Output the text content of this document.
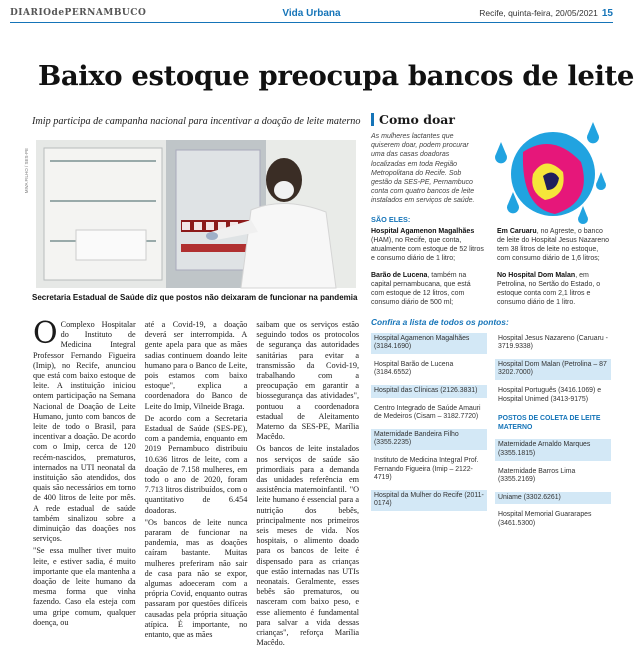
DIARIOdePERNAMBUCO	Vida Urbana	Recife, quinta-feira, 20/05/2021 15
Baixo estoque preocupa bancos de leite
Imip participa de campanha nacional para incentivar a doação de leite materno
MIVA FILHO / SES-PE
Secretaria Estadual de Saúde diz que postos não deixaram de funcionar na pandemia

O Complexo Hospitalar do Instituto de Medicina Integral Professor Fernando Figueira (Imip), no Recife, anunciou que está com baixo estoque de leite. A instituição iniciou ontem participação na Semana Nacional de Doação de Leite Humano, junto com bancos de leite de todo o Brasil, para incentivar a doação. De acordo com o Imip, cerca de 120 recém-nascidos, prematuros, internados na UTI neonatal da instituição são atendidos, dos quais são necessários em torno de 400 litros de leite por mês. A rede estadual de saúde também sinalizou sobre a diminuição das doações nos serviços.

"Se essa mulher tiver muito leite, e estiver sadia, é muito importante que ela mantenha a doação de leite humano da mesma forma que vinha fazendo. Caso ela esteja com uma gripe comum, qualquer doença, ou

até a Covid-19, a doação deverá ser interrompida. A gente apela para que as mães sadias continuem doando leite humano para o Banco de Leite, pois estamos com baixo estoque", explica a coordenadora do Banco de Leite do Imip, Vilneide Braga.

De acordo com a Secretaria Estadual de Saúde (SES-PE), com a pandemia, enquanto em 2019 Pernambuco distribuiu 10.636 litros de leite, com a doação de 7.158 mulheres, em todo o ano de 2020, foram 7.713 litros distribuídos, com o quantitativo de 6.454 doadoras.

"Os bancos de leite nunca pararam de funcionar na pandemia, mas as doações caíram bastante. Muitas mulheres preferiram não sair de casa para não se expor, algumas adoeceram com a própria Covid, enquanto outras passaram por questões difíceis causadas pela própria situação atípica. É importante, no entanto, que as mães

saibam que os serviços estão seguindo todos os protocolos de segurança das autoridades sanitárias para evitar a transmissão da Covid-19, trabalhando com a preocupação em garantir a biossegurança das atividades", pontuou a coordenadora estadual de Aleitamento Materno da SES-PE, Marília Macêdo.

Os bancos de leite instalados nos serviços de saúde são primordiais para a demanda das unidades referência em assistência maternoinfantil. "O leite humano é essencial para a nutrição dos bebês, principalmente nos primeiros seis meses de vida. Nos hospitais, o alimento doado para os bancos de leite é dispensado para as crianças que estão internadas nas UTIs neonatais. Geralmente, esses bebês são prematuros, ou nasceram com baixo peso, e esse aliemento é fundamental para salvar a vida dessas crianças", reforça Marília Macêdo.

Como doar
As mulheres lactantes que quiserem doar, podem procurar uma das casas doadoras localizadas em toda Região Metropolitana do Recife. Sob gestão da SES-PE, Pernambuco conta com quatro bancos de leite instalados em serviços de saúde.
SÃO ELES:
Hospital Agamenon Magalhães (HAM), no Recife, que conta, atualmente com estoque de 52 litros e consumo diário de 1 litro;
Em Caruaru, no Agreste, o banco de leite do Hospital Jesus Nazareno tem 38 litros de leite no estoque, com consumo diário de 1,6 litros;
Barão de Lucena, também na capital pernambucana, que está com estoque de 12 litros, com consumo diário de 500 ml;
No Hospital Dom Malan, em Petrolina, no Sertão do Estado, o estoque conta com 2,1 litros e consumo diário de 1 litro.
Confira a lista de todos os pontos:
Hospital Agamenon Magalhães (3184.1690)
Hospital Barão de Lucena (3184.6552)
Hospital das Clínicas (2126.3831)
Centro Integrado de Saúde Amauri de Medeiros (Cisam – 3182.7720)
Maternidade Bandeira Filho (3355.2235)
Instituto de Medicina Integral Prof. Fernando Figueira (Imip – 2122-4719)
Hospital da Mulher do Recife (2011-0174)
Hospital Jesus Nazareno (Caruaru - 3719.9338)
Hospital Dom Malan (Petrolina – 87 3202.7000)
Hospital Português (3416.1069) e Hospital Unimed (3413-9175)
POSTOS DE COLETA DE LEITE MATERNO
Maternidade Arnaldo Marques (3355.1815)
Maternidade Barros Lima (3355.2169)
Uniame (3302.6261)
Hospital Memorial Guararapes (3461.5300)
